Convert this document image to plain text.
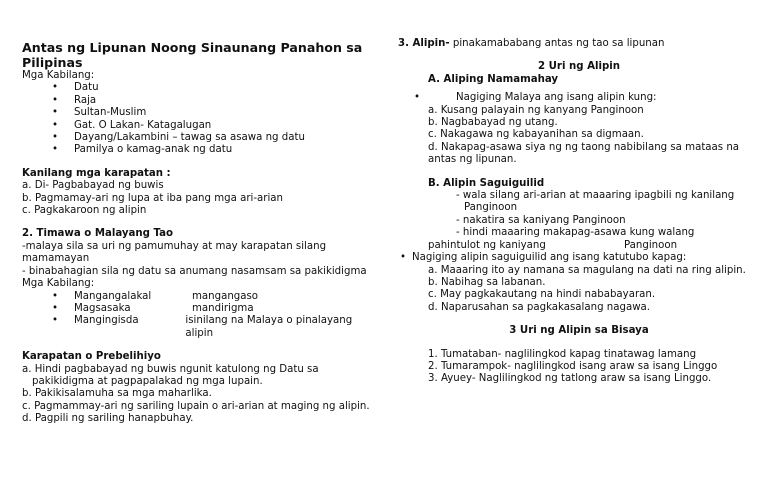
Antas ng Lipunan Noong Sinaunang Panahon sa Pilipinas

Mga Kabilang:

• Datu
• Raja
• Sultan-Muslim
• Gat. O Lakan- Katagalugan
• Dayang/Lakambini – tawag sa asawa ng datu
• Pamilya o kamag-anak ng datu

Kanilang mga karapatan :

a. Di- Pagbabayad ng buwis

b. Pagmamay-ari ng lupa at iba pang mga ari-arian

c. Pagkakaroon ng alipin

2. Timawa o Malayang Tao

-malaya sila sa uri ng pamumuhay at may karapatan silang mamamayan

- binabahagian sila ng datu sa anumang nasamsam sa pakikidigma

Mga Kabilang:

• Mangangalakal	mangangaso
• Magsasaka	mandirigma
• Mangingisda	isinilang na Malaya o pinalayang alipin

Karapatan o Prebelihiyo

a. Hindi pagbabayad ng buwis ngunit katulong ng Datu sa

pakikidigma at pagpapalakad ng mga lupain.

b. Pakikisalamuha sa mga maharlika.

c. Pagmammay-ari ng sariling lupain o ari-arian at maging ng alipin.

d. Pagpili ng sariling hanapbuhay.

3. Alipin- pinakamababang antas ng tao sa lipunan

2 Uri ng Alipin

A. Aliping Namamahay

• Nagiging Malaya ang isang alipin kung:

a. Kusang palayain ng kanyang Panginoon

b. Nagbabayad ng utang.

c. Nakagawa ng kabayanihan sa digmaan.

d. Nakapag-asawa siya ng ng taong nabibilang sa mataas na antas ng lipunan.

B. Alipin Saguiguilid

- wala silang ari-arian at maaaring ipagbili ng kanilang

Panginoon

- nakatira sa kaniyang Panginoon

- hindi maaaring makapag-asawa kung walang

pahintulot ng kaniyang	Panginoon

• Nagiging alipin saguiguilid ang isang katutubo kapag:

a. Maaaring ito ay namana sa magulang na dati na ring alipin.

b. Nabihag sa labanan.

c. May pagkakautang na hindi nababayaran.

d. Naparusahan sa pagkakasalang nagawa.

3 Uri ng Alipin sa Bisaya

1. Tumataban- naglilingkod kapag tinatawag lamang

2. Tumarampok- naglilingkod isang araw sa isang Linggo

3. Ayuey- Naglilingkod ng tatlong araw sa isang Linggo.
